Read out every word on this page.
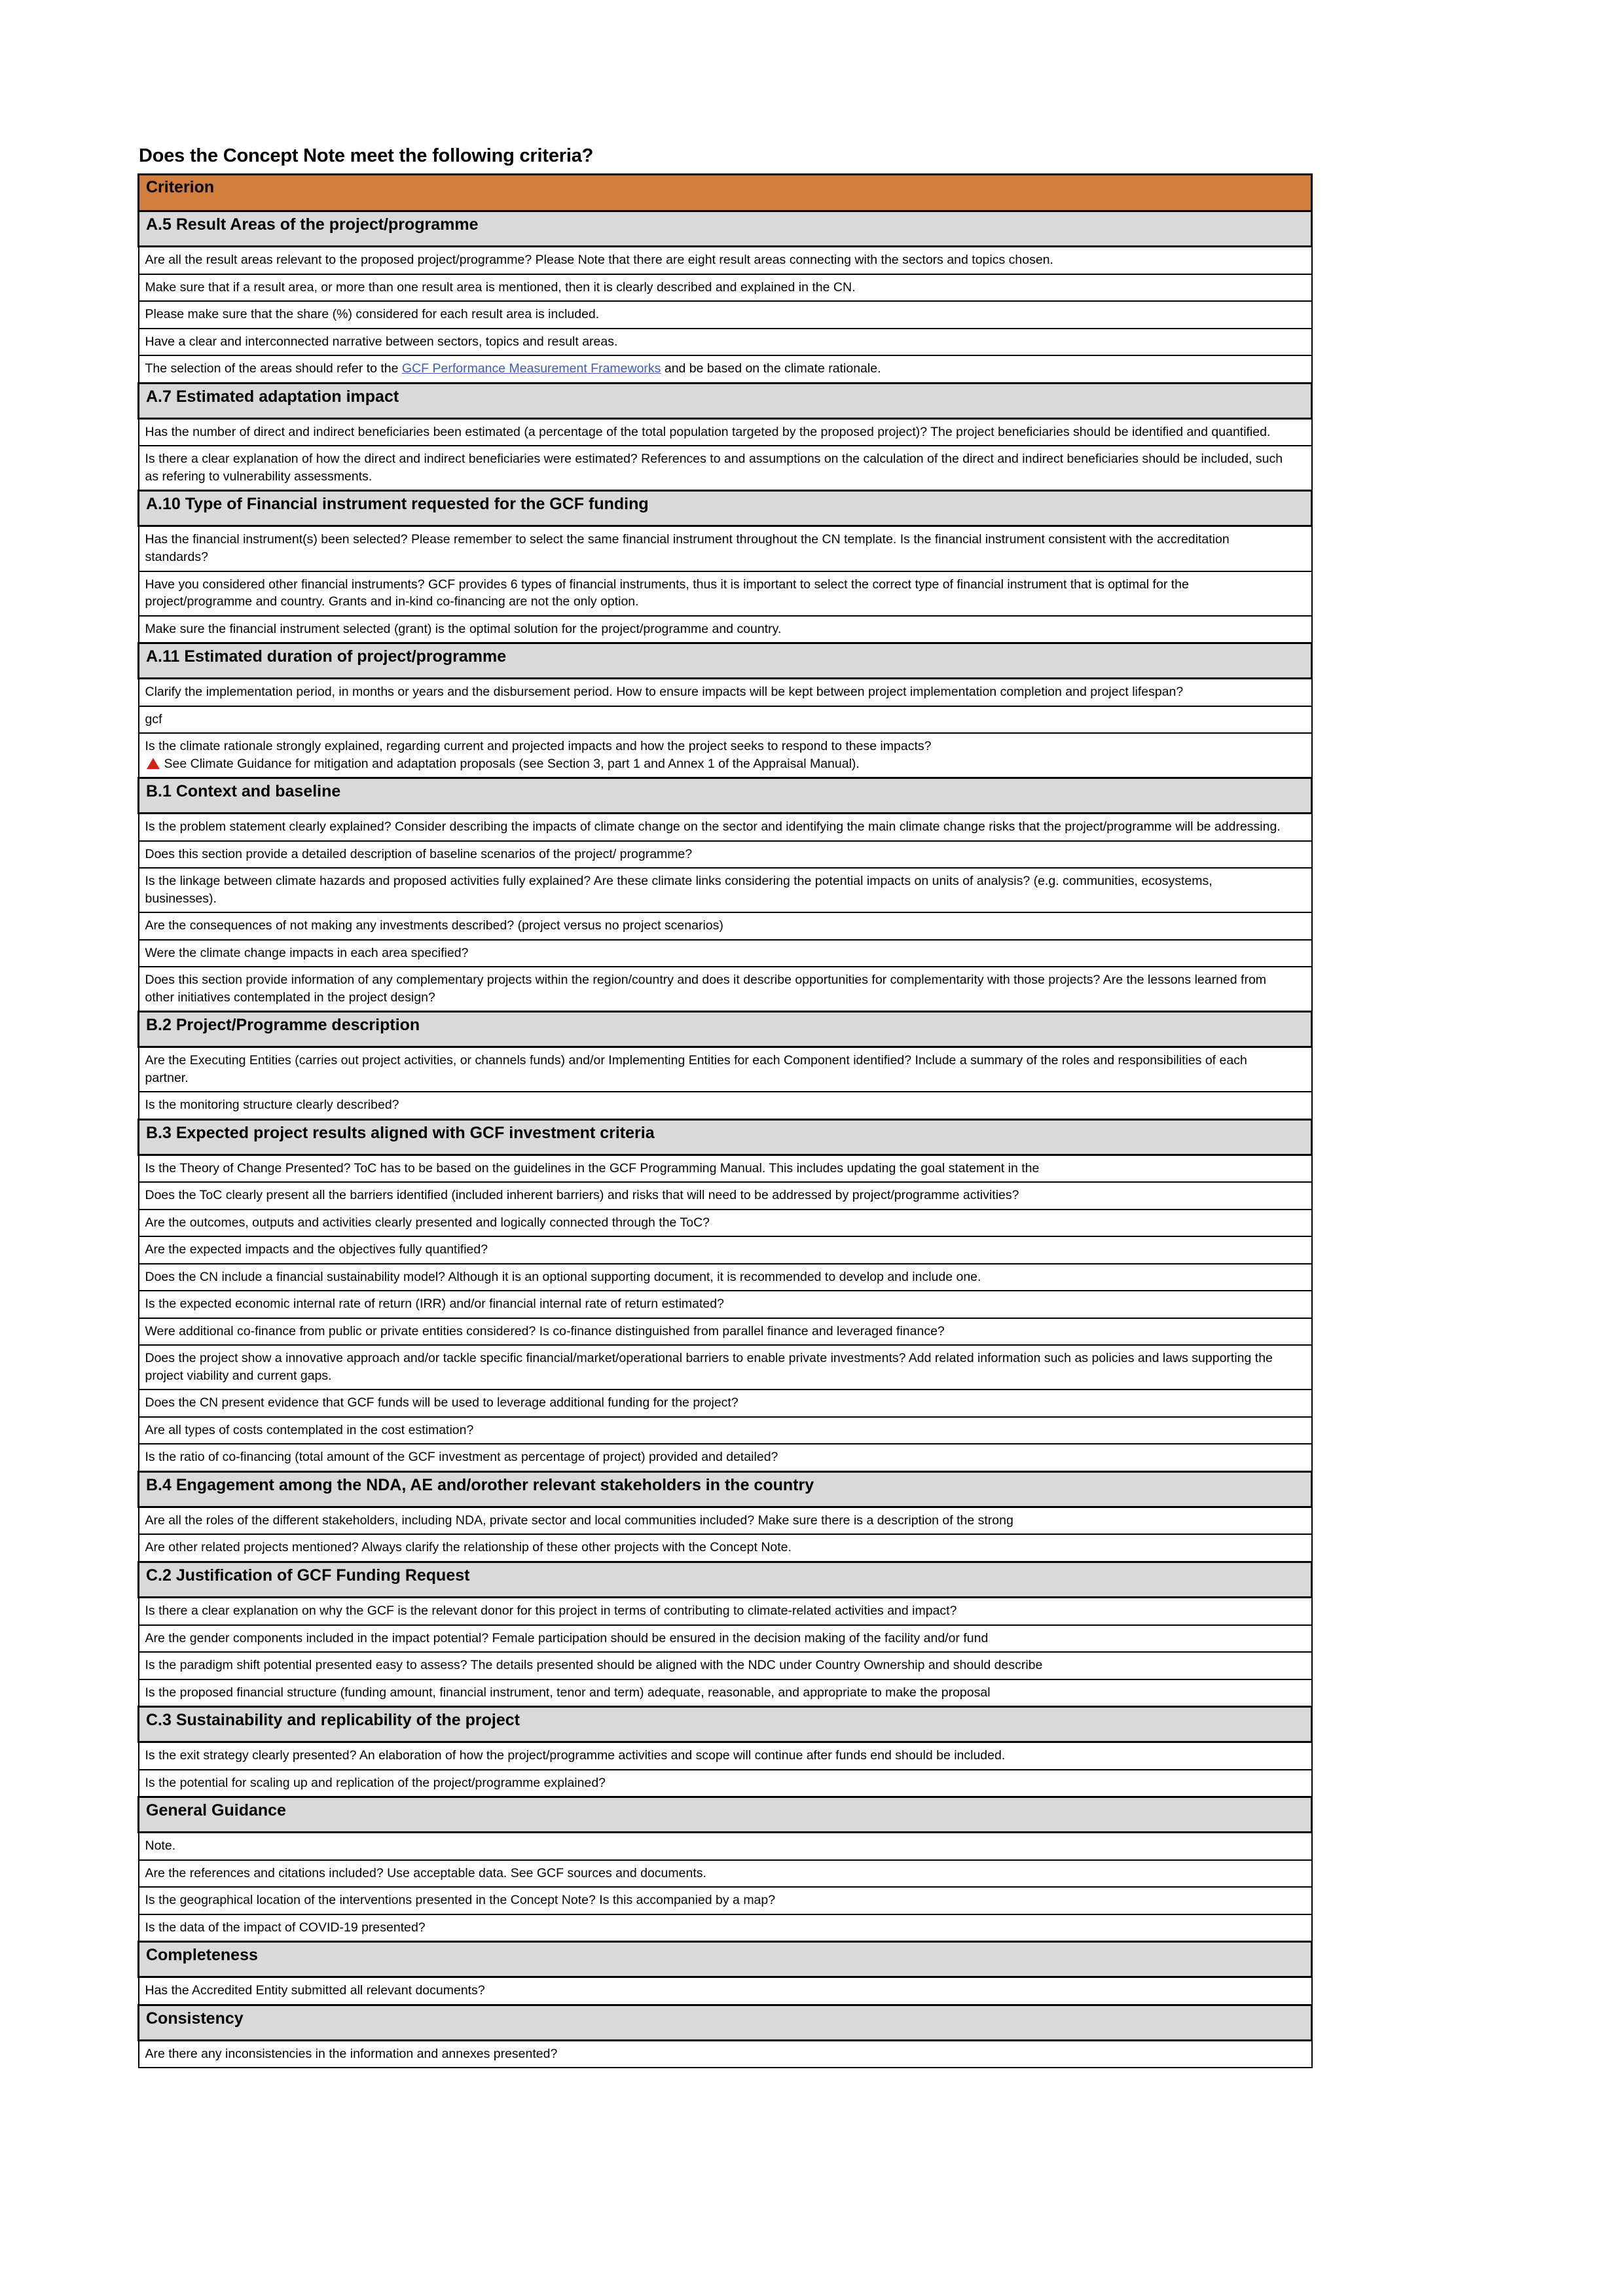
Does the Concept Note meet the following criteria?
Criterion
A.5 Result Areas of the project/programme

Are all the result areas relevant to the proposed project/programme? Please Note that there are eight result areas connecting with the sectors and topics chosen.

Make sure that if a result area, or more than one result area is mentioned, then it is clearly described and explained in the CN.

Please make sure that the share (%) considered for each result area is included.

Have a clear and interconnected narrative between sectors, topics and result areas.

The selection of the areas should refer to the GCF Performance Measurement Frameworks and be based on the climate rationale.

A.7 Estimated adaptation impact

Has the number of direct and indirect beneficiaries been estimated (a percentage of the total population targeted by the proposed project)? The project beneficiaries should be identified and quantified.

Is there a clear explanation of how the direct and indirect beneficiaries were estimated? References to and assumptions on the calculation of the direct and indirect beneficiaries should be included, such as refering to vulnerability assessments.

A.10 Type of Financial instrument requested for the GCF funding

Has the financial instrument(s) been selected? Please remember to select the same financial instrument throughout the CN template. Is the financial instrument consistent with the accreditation standards?

Have you considered other financial instruments? GCF provides 6 types of financial instruments, thus it is important to select the correct type of financial instrument that is optimal for the project/programme and country. Grants and in-kind co-financing are not the only option.

Make sure the financial instrument selected (grant) is the optimal solution for the project/programme and country.

A.11 Estimated duration of project/programme

Clarify the implementation period, in months or years and the disbursement period. How to ensure impacts will be kept between project implementation completion and project lifespan?

gcf

Is the climate rationale strongly explained, regarding current and projected impacts and how the project seeks to respond to these impacts?
See Climate Guidance for mitigation and adaptation proposals (see Section 3, part 1 and Annex 1 of the Appraisal Manual).

B.1 Context and baseline

Is the problem statement clearly explained? Consider describing the impacts of climate change on the sector and identifying the main climate change risks that the project/programme will be addressing.

Does this section provide a detailed description of baseline scenarios of the project/ programme?

Is the linkage between climate hazards and proposed activities fully explained? Are these climate links considering the potential impacts on units of analysis? (e.g. communities, ecosystems, businesses).

Are the consequences of not making any investments described? (project versus no project scenarios)

Were the climate change impacts in each area specified?

Does this section provide information of any complementary projects within the region/country and does it describe opportunities for complementarity with those projects? Are the lessons learned from other initiatives contemplated in the project design?

B.2 Project/Programme description

Are the Executing Entities (carries out project activities, or channels funds) and/or Implementing Entities for each Component identified? Include a summary of the roles and responsibilities of each partner.

Is the monitoring structure clearly described?

B.3 Expected project results aligned with GCF investment criteria

Is the Theory of Change Presented? ToC has to be based on the guidelines in the GCF Programming Manual. This includes updating the goal statement in the

Does the ToC clearly present all the barriers identified (included inherent barriers) and risks that will need to be addressed by project/programme activities?

Are the outcomes, outputs and activities clearly presented and logically connected through the ToC?

Are the expected impacts and the objectives fully quantified?

Does the CN include a financial sustainability model? Although it is an optional supporting document, it is recommended to develop and include one.

Is the expected economic internal rate of return (IRR) and/or financial internal rate of return estimated?

Were additional co-finance from public or private entities considered? Is co-finance distinguished from parallel finance and leveraged finance?

Does the project show a innovative approach and/or tackle specific financial/market/operational barriers to enable private investments? Add related information such as policies and laws supporting the project viability and current gaps.

Does the CN present evidence that GCF funds will be used to leverage additional funding for the project?

Are all types of costs contemplated in the cost estimation?

Is the ratio of co-financing (total amount of the GCF investment as percentage of project) provided and detailed?

B.4 Engagement among the NDA, AE and/orother relevant stakeholders in the country

Are all the roles of the different stakeholders, including NDA, private sector and local communities included? Make sure there is a description of the strong

Are other related projects mentioned? Always clarify the relationship of these other projects with the Concept Note.

C.2 Justification of GCF Funding Request

Is there a clear explanation on why the GCF is the relevant donor for this project in terms of contributing to climate-related activities and impact?

Are the gender components included in the impact potential? Female participation should be ensured in the decision making of the facility and/or fund

Is the paradigm shift potential presented easy to assess? The details presented should be aligned with the NDC under Country Ownership and should describe

Is the proposed financial structure (funding amount, financial instrument, tenor and term) adequate, reasonable, and appropriate to make the proposal

C.3 Sustainability and replicability of the project

Is the exit strategy clearly presented? An elaboration of how the project/programme activities and scope will continue after funds end should be included.

Is the potential for scaling up and replication of the project/programme explained?

General Guidance

Note.

Are the references and citations included? Use acceptable data. See GCF sources and documents.

Is the geographical location of the interventions presented in the Concept Note? Is this accompanied by a map?

Is the data of the impact of COVID-19 presented?

Completeness

Has the Accredited Entity submitted all relevant documents?

Consistency

Are there any inconsistencies in the information and annexes presented?
